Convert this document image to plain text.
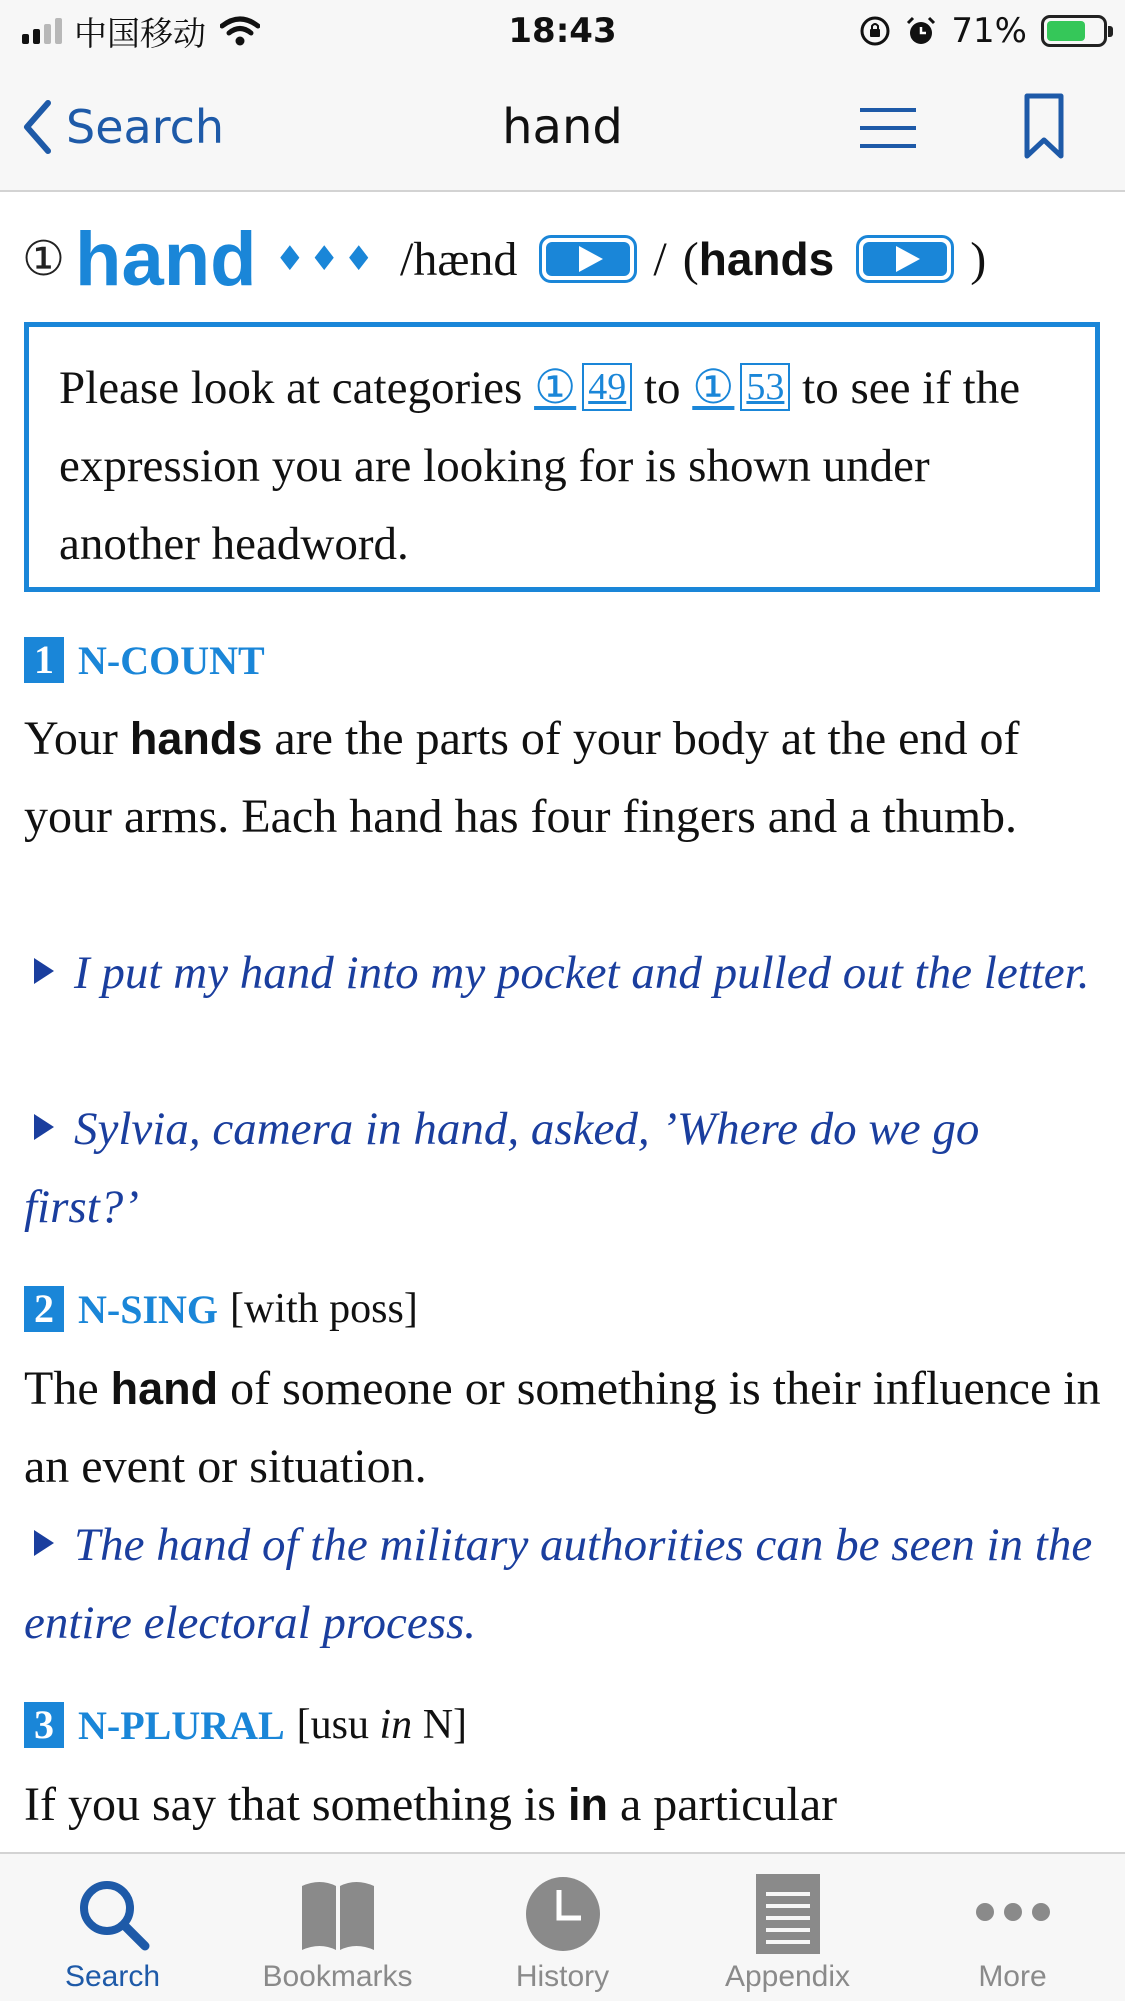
中国移动	18:43	71%
Search	hand
① hand ♦♦♦ / hænd	/ ( hands	)
Please look at categories ① 49 to ① 53 to see if the expression you are looking for is shown under another headword.
1 N-COUNT
Your hands are the parts of your body at the end of your arms. Each hand has four fingers and a thumb.
I put my hand into my pocket and pulled out the letter.
Sylvia, camera in hand, asked, ’Where do we go first?’
2 N-SING [with poss]
The hand of someone or something is their influence in an event or situation.
The hand of the military authorities can be seen in the entire electoral process.
3 N-PLURAL [usu in N]
If you say that something is in a particular
Search	Bookmarks	History	Appendix	More
